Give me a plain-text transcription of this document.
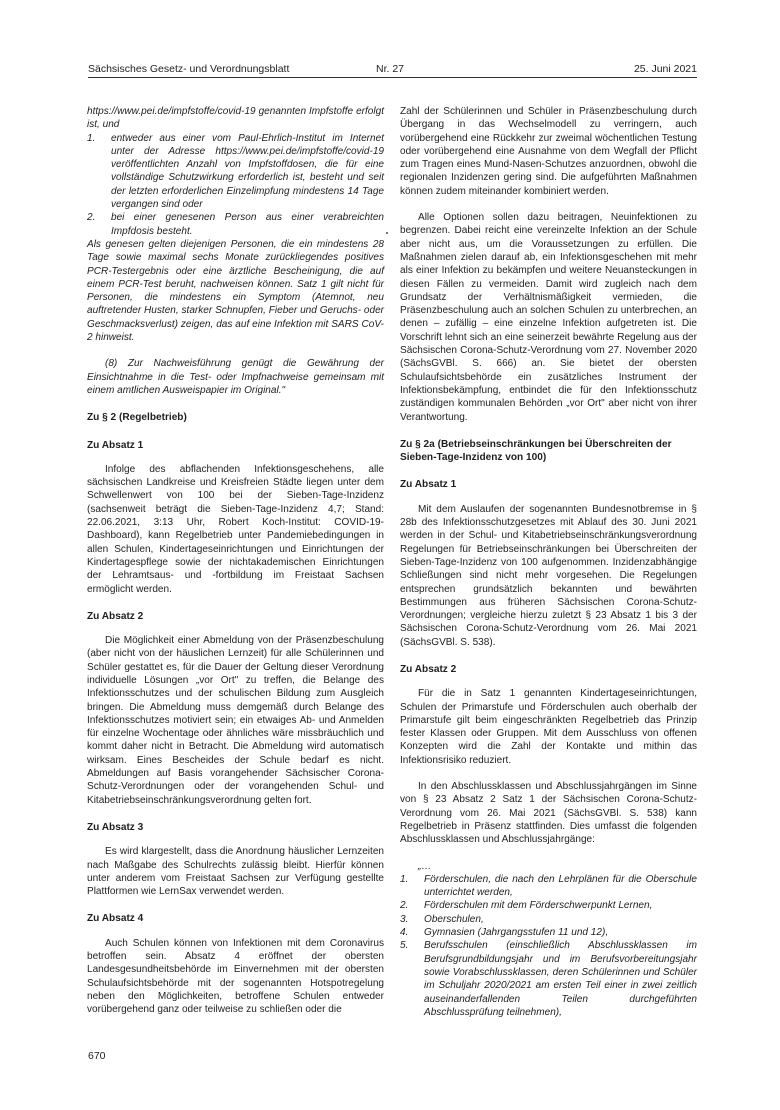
Sächsisches Gesetz- und Verordnungsblatt	Nr. 27	25. Juni 2021

https://www.pei.de/impfstoffe/covid-19 genannten Impfstoffe erfolgt ist, und

1. entweder aus einer vom Paul-Ehrlich-Institut im Internet unter der Adresse https://www.pei.de/impfstoffe/covid-19 veröffentlichten Anzahl von Impfstoffdosen, die für eine vollständige Schutzwirkung erforderlich ist, besteht und seit der letzten erforderlichen Einzelimpfung mindestens 14 Tage vergangen sind oder
2. bei einer genesenen Person aus einer verabreichten Impfdosis besteht.

Als genesen gelten diejenigen Personen, die ein mindestens 28 Tage sowie maximal sechs Monate zurückliegendes positives PCR-Testergebnis oder eine ärztliche Bescheinigung, die auf einem PCR-Test beruht, nachweisen können. Satz 1 gilt nicht für Personen, die mindestens ein Symptom (Atemnot, neu auftretender Husten, starker Schnupfen, Fieber und Geruchs- oder Geschmacksverlust) zeigen, das auf eine Infektion mit SARS CoV-2 hinweist.

(8) Zur Nachweisführung genügt die Gewährung der Einsichtnahme in die Test- oder Impfnachweise gemeinsam mit einem amtlichen Ausweispapier im Original."

Zu § 2 (Regelbetrieb)
Zu Absatz 1

Infolge des abflachenden Infektionsgeschehens, alle sächsischen Landkreise und Kreisfreien Städte liegen unter dem Schwellenwert von 100 bei der Sieben-Tage-Inzidenz (sachsenweit beträgt die Sieben-Tage-Inzidenz 4,7; Stand: 22.06.2021, 3:13 Uhr, Robert Koch-Institut: COVID-19-Dashboard), kann Regelbetrieb unter Pandemiebedingungen in allen Schulen, Kindertageseinrichtungen und Einrichtungen der Kindertagespflege sowie der nichtakademischen Einrichtungen der Lehramtsaus- und -fortbildung im Freistaat Sachsen ermöglicht werden.

Zu Absatz 2

Die Möglichkeit einer Abmeldung von der Präsenzbeschulung (aber nicht von der häuslichen Lernzeit) für alle Schülerinnen und Schüler gestattet es, für die Dauer der Geltung dieser Verordnung individuelle Lösungen „vor Ort" zu treffen, die Belange des Infektionsschutzes und der schulischen Bildung zum Ausgleich bringen. Die Abmeldung muss demgemäß durch Belange des Infektionsschutzes motiviert sein; ein etwaiges Ab- und Anmelden für einzelne Wochentage oder ähnliches wäre missbräuchlich und kommt daher nicht in Betracht. Die Abmeldung wird automatisch wirksam. Eines Bescheides der Schule bedarf es nicht. Abmeldungen auf Basis vorangehender Sächsischer Corona-Schutz-Verordnungen oder der vorangehenden Schul- und Kitabetriebseinschränkungsverordnung gelten fort.

Zu Absatz 3

Es wird klargestellt, dass die Anordnung häuslicher Lernzeiten nach Maßgabe des Schulrechts zulässig bleibt. Hierfür können unter anderem vom Freistaat Sachsen zur Verfügung gestellte Plattformen wie LernSax verwendet werden.

Zu Absatz 4

Auch Schulen können von Infektionen mit dem Coronavirus betroffen sein. Absatz 4 eröffnet der obersten Landesgesundheitsbehörde im Einvernehmen mit der obersten Schulaufsichtsbehörde mit der sogenannten Hotspotregelung neben den Möglichkeiten, betroffene Schulen entweder vorübergehend ganz oder teilweise zu schließen oder die

Zahl der Schülerinnen und Schüler in Präsenzbeschulung durch Übergang in das Wechselmodell zu verringern, auch vorübergehend eine Rückkehr zur zweimal wöchentlichen Testung oder vorübergehend eine Ausnahme von dem Wegfall der Pflicht zum Tragen eines Mund-Nasen-Schutzes anzuordnen, obwohl die regionalen Inzidenzen gering sind. Die aufgeführten Maßnahmen können zudem miteinander kombiniert werden.

Alle Optionen sollen dazu beitragen, Neuinfektionen zu begrenzen. Dabei reicht eine vereinzelte Infektion an der Schule aber nicht aus, um die Voraussetzungen zu erfüllen. Die Maßnahmen zielen darauf ab, ein Infektionsgeschehen mit mehr als einer Infektion zu bekämpfen und weitere Neuansteckungen in diesen Fällen zu vermeiden. Damit wird zugleich nach dem Grundsatz der Verhältnismäßigkeit vermieden, die Präsenzbeschulung auch an solchen Schulen zu unterbrechen, an denen – zufällig – eine einzelne Infektion aufgetreten ist. Die Vorschrift lehnt sich an eine seinerzeit bewährte Regelung aus der Sächsischen Corona-Schutz-Verordnung vom 27. November 2020 (SächsGVBl. S. 666) an. Sie bietet der obersten Schulaufsichtsbehörde ein zusätzliches Instrument der Infektionsbekämpfung, entbindet die für den Infektionsschutz zuständigen kommunalen Behörden „vor Ort" aber nicht von ihrer Verantwortung.

Zu § 2a (Betriebseinschränkungen bei Überschreiten der Sieben-Tage-Inzidenz von 100)
Zu Absatz 1

Mit dem Auslaufen der sogenannten Bundesnotbremse in § 28b des Infektionsschutzgesetzes mit Ablauf des 30. Juni 2021 werden in der Schul- und Kitabetriebseinschränkungsverordnung Regelungen für Betriebseinschränkungen bei Überschreiten der Sieben-Tage-Inzidenz von 100 aufgenommen. Inzidenzabhängige Schließungen sind nicht mehr vorgesehen. Die Regelungen entsprechen grundsätzlich bekannten und bewährten Bestimmungen aus früheren Sächsischen Corona-Schutz-Verordnungen; vergleiche hierzu zuletzt § 23 Absatz 1 bis 3 der Sächsischen Corona-Schutz-Verordnung vom 26. Mai 2021 (SächsGVBl. S. 538).

Zu Absatz 2

Für die in Satz 1 genannten Kindertageseinrichtungen, Schulen der Primarstufe und Förderschulen auch oberhalb der Primarstufe gilt beim eingeschränkten Regelbetrieb das Prinzip fester Klassen oder Gruppen. Mit dem Ausschluss von offenen Konzepten wird die Zahl der Kontakte und mithin das Infektionsrisiko reduziert.

In den Abschlussklassen und Abschlussjahrgängen im Sinne von § 23 Absatz 2 Satz 1 der Sächsischen Corona-Schutz-Verordnung vom 26. Mai 2021 (SächsGVBl. S. 538) kann Regelbetrieb in Präsenz stattfinden. Dies umfasst die folgenden Abschlussklassen und Abschlussjahrgänge:

„…

1. Förderschulen, die nach den Lehrplänen für die Oberschule unterrichtet werden,
2. Förderschulen mit dem Förderschwerpunkt Lernen,
3. Oberschulen,
4. Gymnasien (Jahrgangsstufen 11 und 12),
5. Berufsschulen (einschließlich Abschlussklassen im Berufsgrundbildungsjahr und im Berufsvorbereitungsjahr sowie Vorabschlussklassen, deren Schülerinnen und Schüler im Schuljahr 2020/2021 am ersten Teil einer in zwei zeitlich auseinanderfallenden Teilen durchgeführten Abschlussprüfung teilnehmen),
670
